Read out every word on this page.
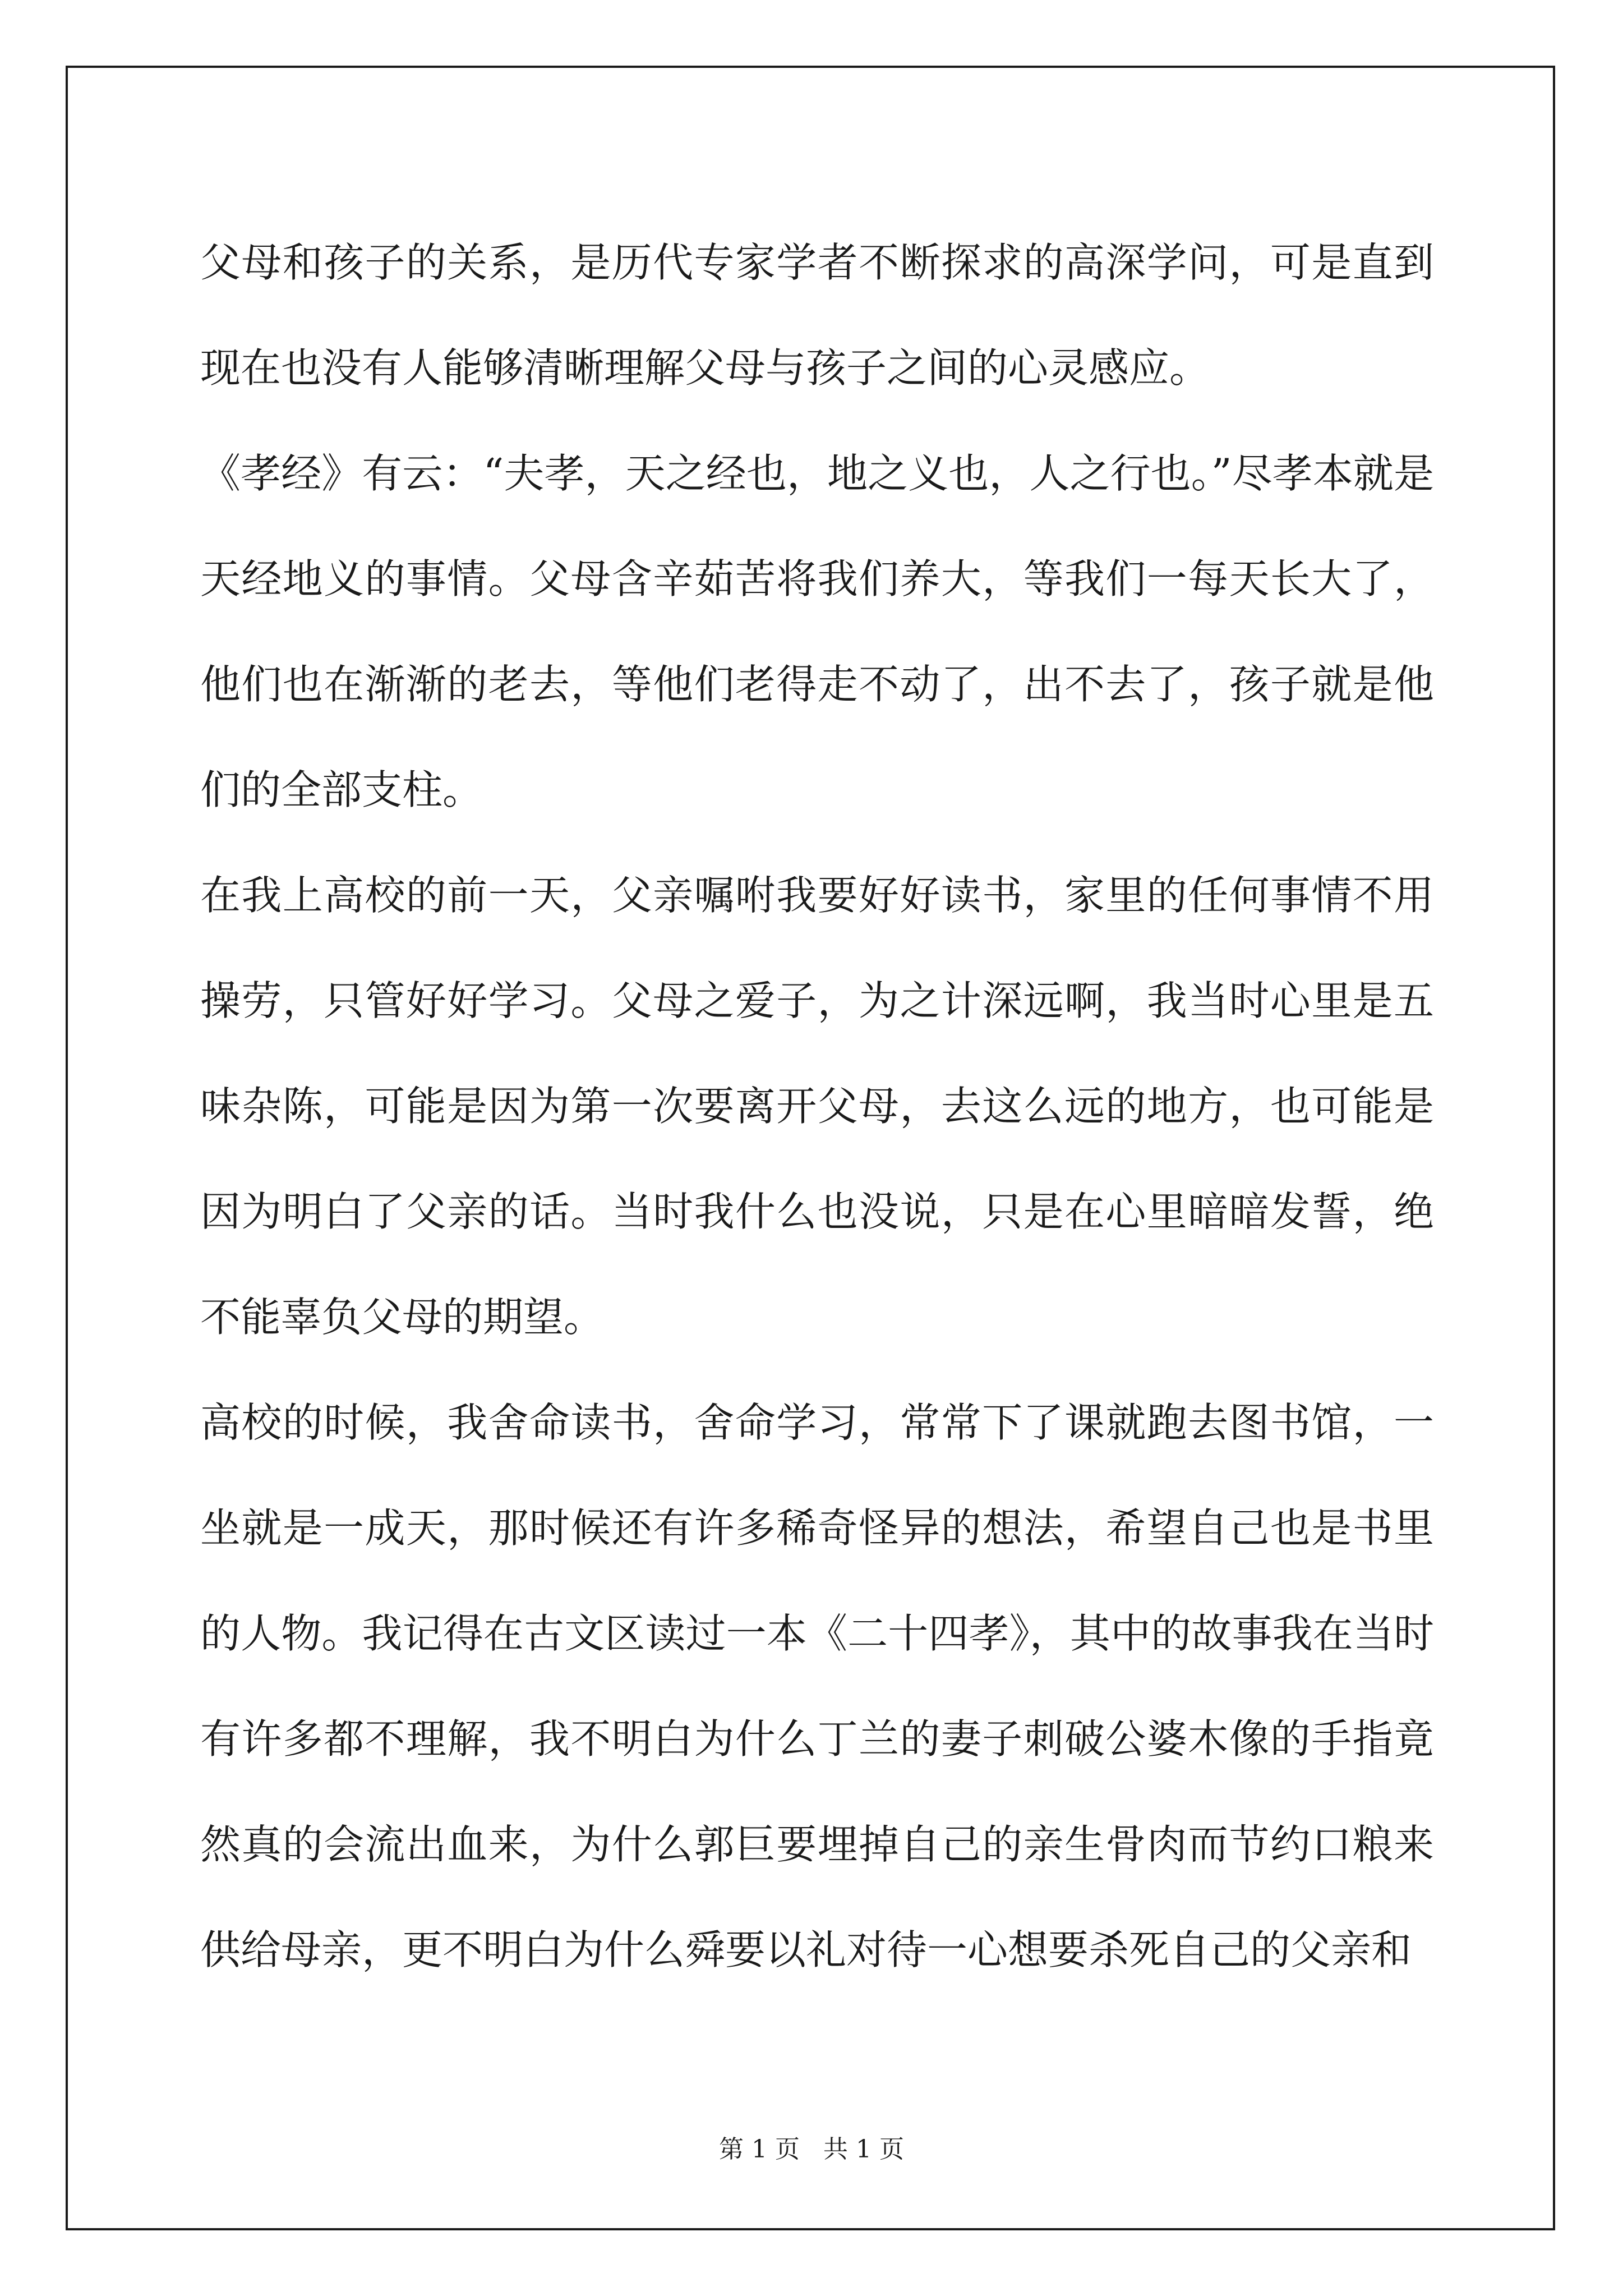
父母和孩子的关系，是历代专家学者不断探求的高深学问，可是直到现在也没有人能够清晰理解父母与孩子之间的心灵感应。

《孝经》有云：“夫孝，天之经也，地之义也，人之行也。”尽孝本就是天经地义的事情。父母含辛茹苦将我们养大，等我们一每天长大了，他们也在渐渐的老去，等他们老得走不动了，出不去了，孩子就是他们的全部支柱。

在我上高校的前一天，父亲嘱咐我要好好读书，家里的任何事情不用操劳，只管好好学习。父母之爱子，为之计深远啊，我当时心里是五味杂陈，可能是因为第一次要离开父母，去这么远的地方，也可能是因为明白了父亲的话。当时我什么也没说，只是在心里暗暗发誓，绝不能辜负父母的期望。

高校的时候，我舍命读书，舍命学习，常常下了课就跑去图书馆，一坐就是一成天，那时候还有许多稀奇怪异的想法，希望自己也是书里的人物。我记得在古文区读过一本《二十四孝》，其中的故事我在当时有许多都不理解，我不明白为什么丁兰的妻子刺破公婆木像的手指竟然真的会流出血来，为什么郭巨要埋掉自己的亲生骨肉而节约口粮来供给母亲，更不明白为什么舜要以礼对待一心想要杀死自己的父亲和

第 1 页   共 1 页
